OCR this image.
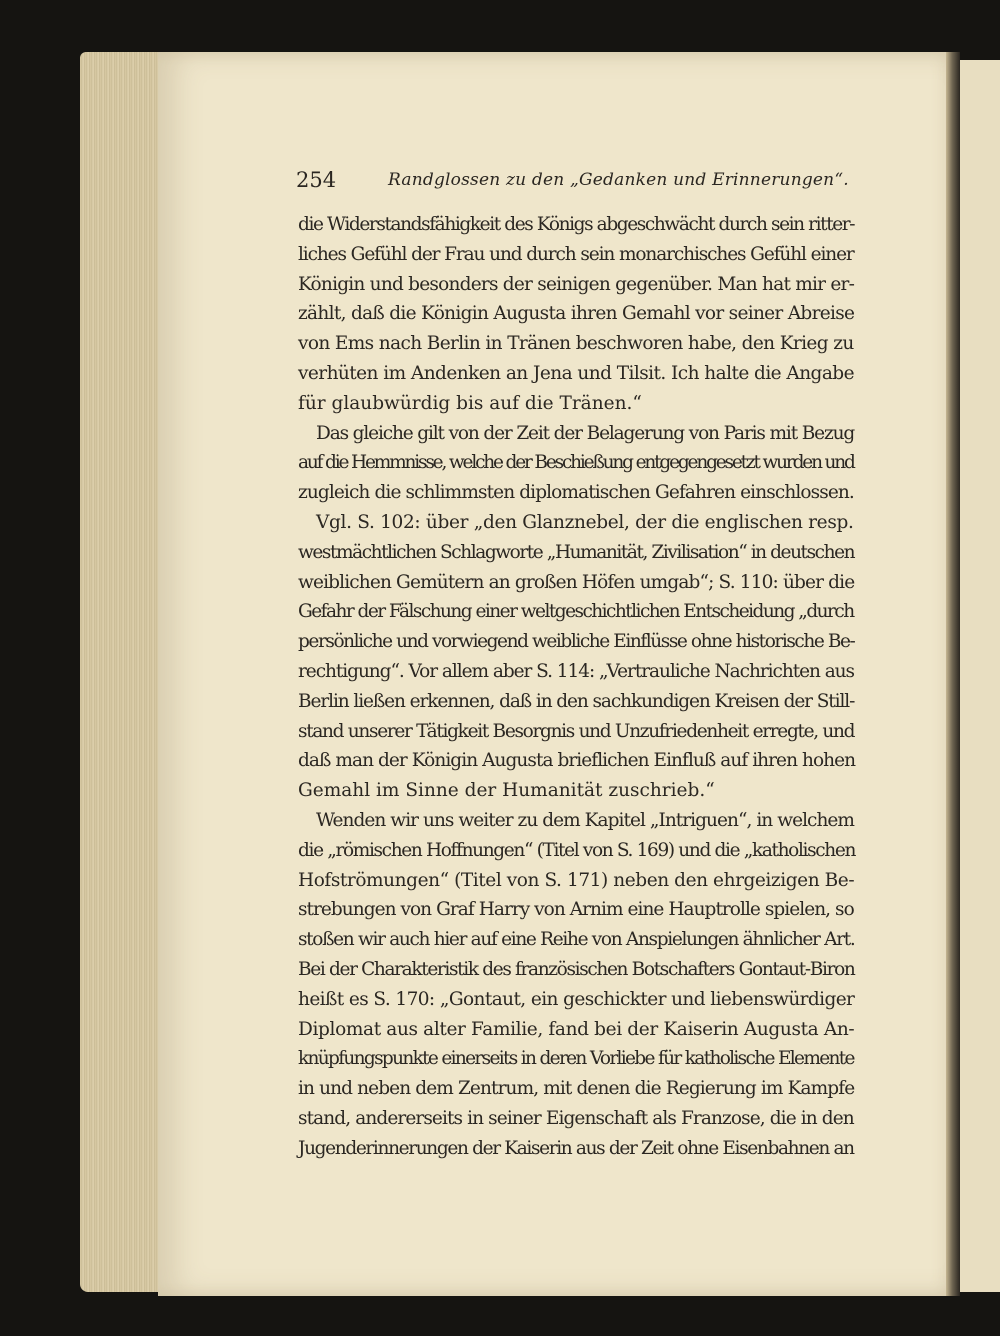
254	Randglossen zu den „Gedanken und Erinnerungen“.
die Widerstandsfähigkeit des Königs abgeschwächt durch sein ritter-
liches Gefühl der Frau und durch sein monarchisches Gefühl einer
Königin und besonders der seinigen gegenüber. Man hat mir er-
zählt, daß die Königin Augusta ihren Gemahl vor seiner Abreise
von Ems nach Berlin in Tränen beschworen habe, den Krieg zu
verhüten im Andenken an Jena und Tilsit. Ich halte die Angabe
für glaubwürdig bis auf die Tränen.“
Das gleiche gilt von der Zeit der Belagerung von Paris mit Bezug
auf die Hemmnisse, welche der Beschießung entgegengesetzt wurden und
zugleich die schlimmsten diplomatischen Gefahren einschlossen.
Vgl. S. 102: über „den Glanznebel, der die englischen resp.
westmächtlichen Schlagworte „Humanität, Zivilisation“ in deutschen
weiblichen Gemütern an großen Höfen umgab“; S. 110: über die
Gefahr der Fälschung einer weltgeschichtlichen Entscheidung „durch
persönliche und vorwiegend weibliche Einflüsse ohne historische Be-
rechtigung“. Vor allem aber S. 114: „Vertrauliche Nachrichten aus
Berlin ließen erkennen, daß in den sachkundigen Kreisen der Still-
stand unserer Tätigkeit Besorgnis und Unzufriedenheit erregte, und
daß man der Königin Augusta brieflichen Einfluß auf ihren hohen
Gemahl im Sinne der Humanität zuschrieb.“
Wenden wir uns weiter zu dem Kapitel „Intriguen“, in welchem
die „römischen Hoffnungen“ (Titel von S. 169) und die „katholischen
Hofströmungen“ (Titel von S. 171) neben den ehrgeizigen Be-
strebungen von Graf Harry von Arnim eine Hauptrolle spielen, so
stoßen wir auch hier auf eine Reihe von Anspielungen ähnlicher Art.
Bei der Charakteristik des französischen Botschafters Gontaut-Biron
heißt es S. 170: „Gontaut, ein geschickter und liebenswürdiger
Diplomat aus alter Familie, fand bei der Kaiserin Augusta An-
knüpfungspunkte einerseits in deren Vorliebe für katholische Elemente
in und neben dem Zentrum, mit denen die Regierung im Kampfe
stand, andererseits in seiner Eigenschaft als Franzose, die in den
Jugenderinnerungen der Kaiserin aus der Zeit ohne Eisenbahnen an
